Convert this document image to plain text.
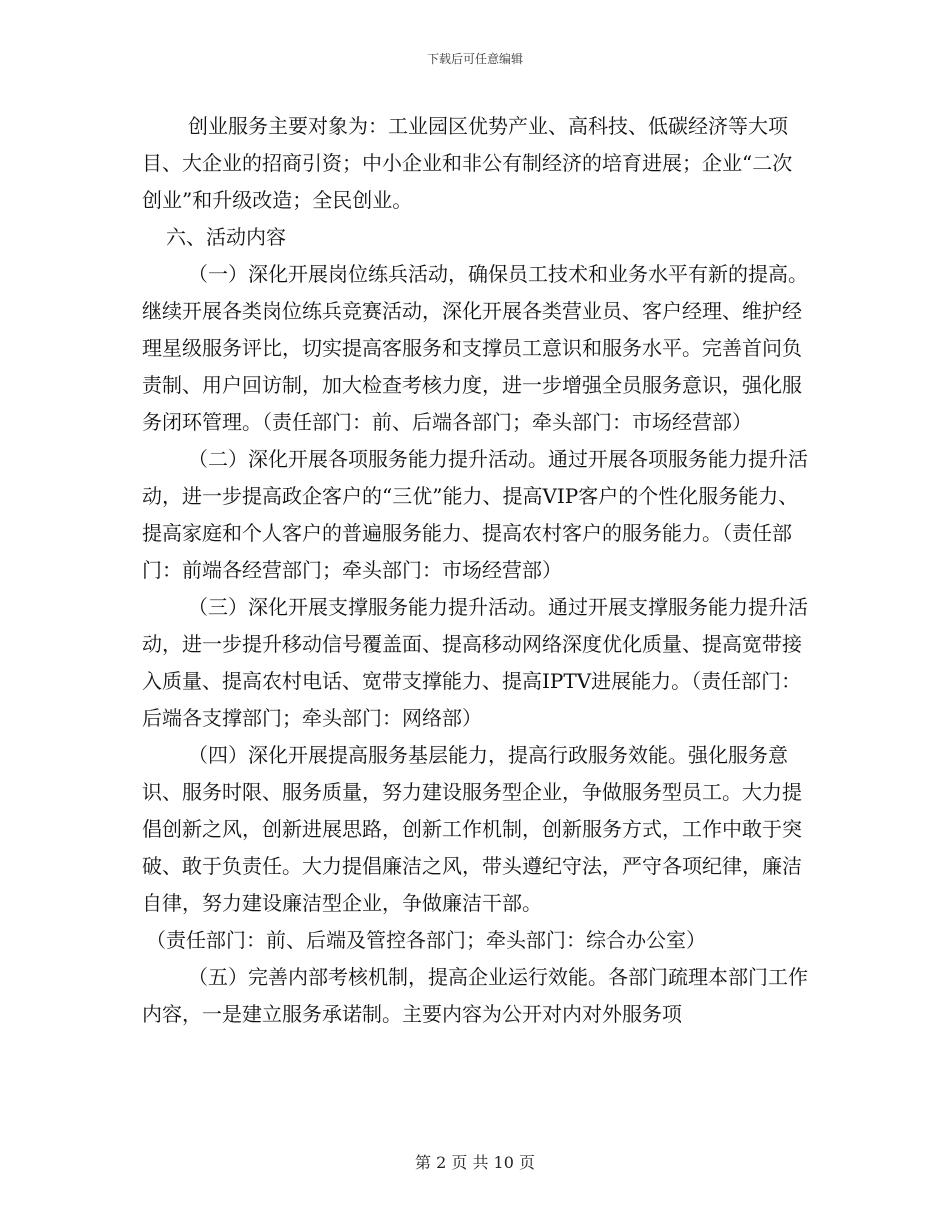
下载后可任意编辑

创业服务主要对象为：工业园区优势产业、高科技、低碳经济等大项目、大企业的招商引资；中小企业和非公有制经济的培育进展；企业“二次创业”和升级改造；全民创业。

六、活动内容

（一）深化开展岗位练兵活动，确保员工技术和业务水平有新的提高。继续开展各类岗位练兵竞赛活动，深化开展各类营业员、客户经理、维护经理星级服务评比，切实提高客服务和支撑员工意识和服务水平。完善首问负责制、用户回访制，加大检查考核力度，进一步增强全员服务意识，强化服务闭环管理。（责任部门：前、后端各部门；牵头部门：市场经营部）

（二）深化开展各项服务能力提升活动。通过开展各项服务能力提升活动，进一步提高政企客户的“三优”能力、提高VIP客户的个性化服务能力、提高家庭和个人客户的普遍服务能力、提高农村客户的服务能力。（责任部门：前端各经营部门；牵头部门：市场经营部）

（三）深化开展支撑服务能力提升活动。通过开展支撑服务能力提升活动，进一步提升移动信号覆盖面、提高移动网络深度优化质量、提高宽带接入质量、提高农村电话、宽带支撑能力、提高IPTV进展能力。（责任部门：后端各支撑部门；牵头部门：网络部）

（四）深化开展提高服务基层能力，提高行政服务效能。强化服务意识、服务时限、服务质量，努力建设服务型企业，争做服务型员工。大力提倡创新之风，创新进展思路，创新工作机制，创新服务方式，工作中敢于突破、敢于负责任。大力提倡廉洁之风，带头遵纪守法，严守各项纪律，廉洁自律，努力建设廉洁型企业，争做廉洁干部。

（责任部门：前、后端及管控各部门；牵头部门：综合办公室）

（五）完善内部考核机制，提高企业运行效能。各部门疏理本部门工作内容，一是建立服务承诺制。主要内容为公开对内对外服务项

第 2 页 共 10 页
